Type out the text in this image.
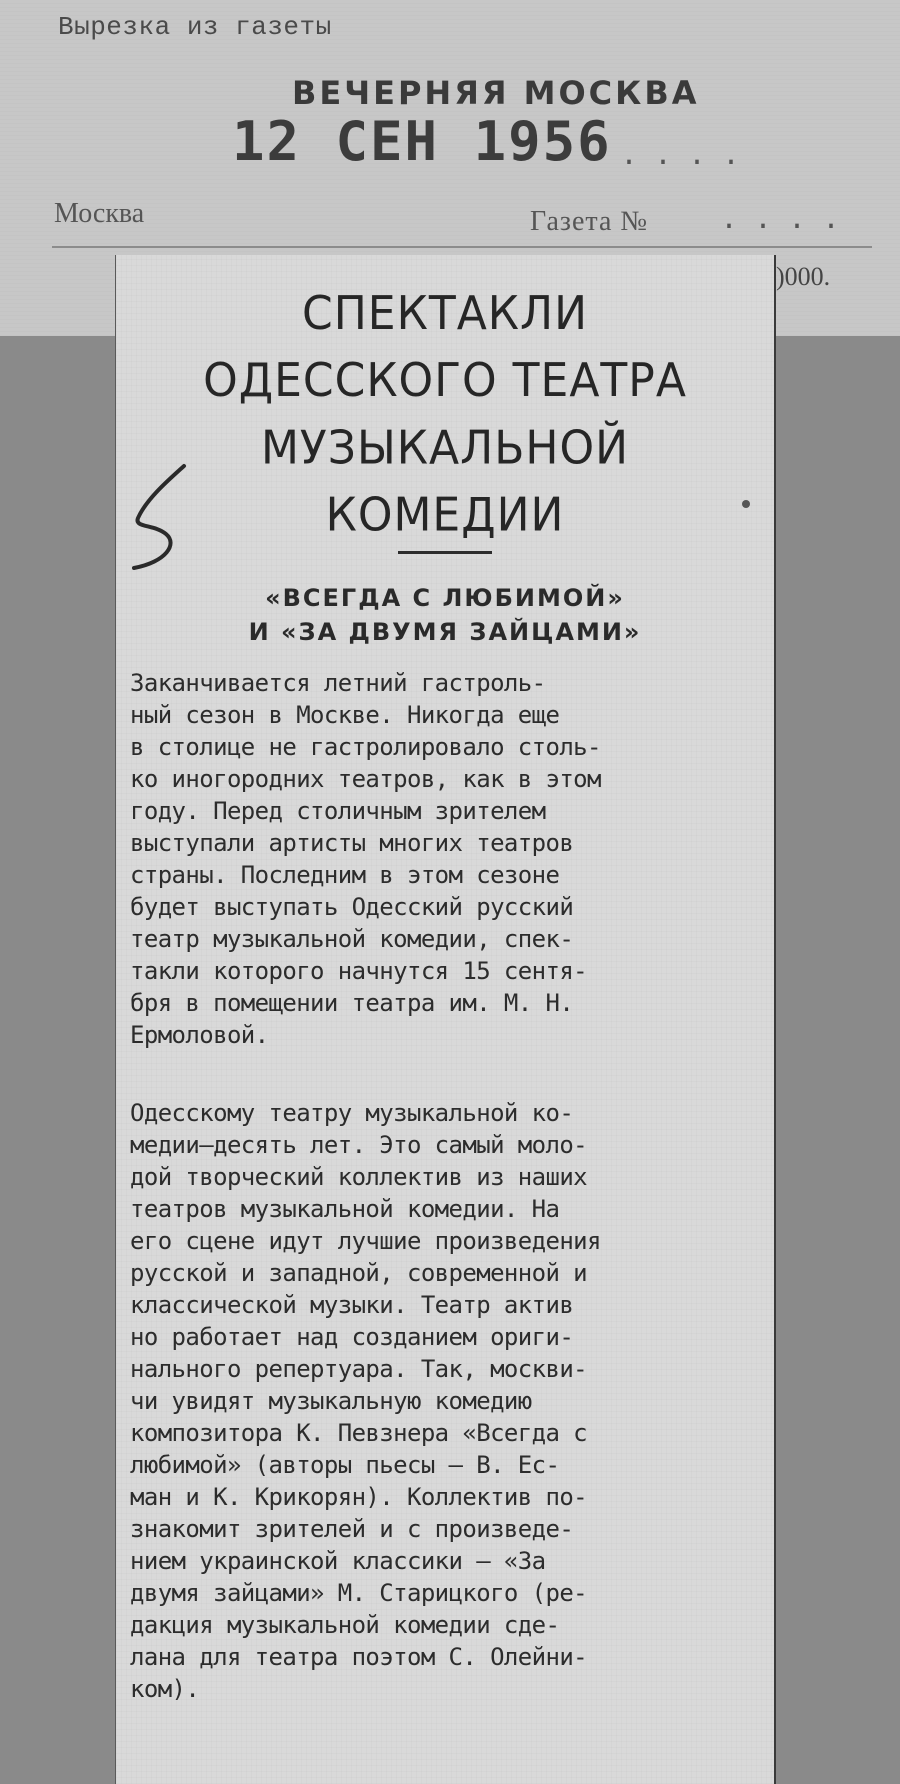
Вырезка из газеты
ВЕЧЕРНЯЯ МОСКВА
12 СЕН 1956 ....
Москва	Газета № ....
)000.
СПЕКТАКЛИ
ОДЕССКОГО ТЕАТРА
МУЗЫКАЛЬНОЙ
КОМЕДИИ
«ВСЕГДА С ЛЮБИМОЙ»
И «ЗА ДВУМЯ ЗАЙЦАМИ»
Заканчивается летний гастроль-
ный сезон в Москве. Никогда еще
в столице не гастролировало столь-
ко иногородних театров, как в этом
году. Перед столичным зрителем
выступали артисты многих театров
страны. Последним в этом сезоне
будет выступать Одесский русский
театр музыкальной комедии, спек-
такли которого начнутся 15 сентя-
бря в помещении театра им. М. Н.
Ермоловой.
Одесскому театру музыкальной ко-
медии—десять лет. Это самый моло-
дой творческий коллектив из наших
театров музыкальной комедии. На
его сцене идут лучшие произведения
русской и западной, современной и
классической музыки. Театр актив
но работает над созданием ориги-
нального репертуара. Так, москви-
чи увидят музыкальную комедию
композитора К. Певзнера «Всегда с
любимой» (авторы пьесы — В. Ес-
ман и К. Крикорян). Коллектив по-
знакомит зрителей и с произведе-
нием украинской классики — «За
двумя зайцами» М. Старицкого (ре-
дакция музыкальной комедии сде-
лана для театра поэтом С. Олейни-
ком).
